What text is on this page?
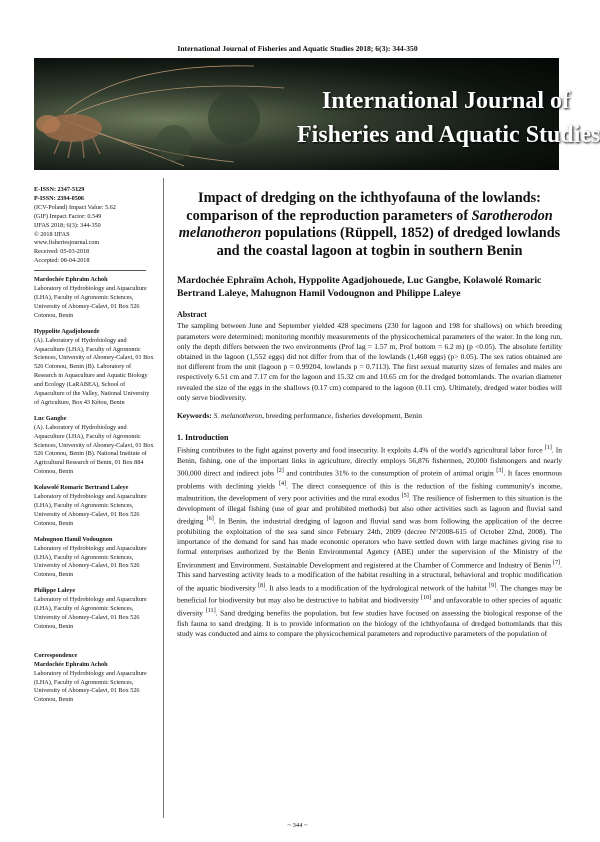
International Journal of Fisheries and Aquatic Studies 2018; 6(3): 344-350
International Journal of
Fisheries and Aquatic Studies
E-ISSN: 2347-5129
P-ISSN: 2394-0506
(ICV-Poland) Impact Value: 5.62
(GIF) Impact Factor: 0.549
IJFAS 2018; 6(3): 344-350
© 2018 IJFAS
www.fisheriesjournal.com
Received: 05-03-2018
Accepted: 08-04-2018
Mardochée Ephraïm Achoh
Laboratory of Hydrobiology and Aquaculture (LHA), Faculty of Agronomic Sciences, University of Abomey-Calavi, 01 Box 526 Cotonou, Benin
Hyppolite Agadjohouede
(A). Laboratory of Hydrobiology and Aquaculture (LHA), Faculty of Agronomic Sciences, University of Abomey-Calavi, 01 Box 526 Cotonou, Benin (B). Laboratory of Research in Aquaculture and Aquatic Biology and Ecology (LaRABEA), School of Aquaculture of the Valley, National University of Agriculture, Box 43 Kétou, Benin
Luc Gangbe
(A). Laboratory of Hydrobiology and Aquaculture (LHA), Faculty of Agronomic Sciences, University of Abomey-Calavi, 01 Box 526 Cotonou, Benin (B). National Institute of Agricultural Research of Benin, 01 Box 884 Cotonou, Benin
Kolawolé Romaric Bertrand Laleye
Laboratory of Hydrobiology and Aquaculture (LHA), Faculty of Agronomic Sciences, University of Abomey-Calavi, 01 Box 526 Cotonou, Benin
Mahugnon Hamil Vodougnon
Laboratory of Hydrobiology and Aquaculture (LHA), Faculty of Agronomic Sciences, University of Abomey-Calavi, 01 Box 526 Cotonou, Benin
Philippe Laleye
Laboratory of Hydrobiology and Aquaculture (LHA), Faculty of Agronomic Sciences, University of Abomey-Calavi, 01 Box 526 Cotonou, Benin
Correspondence
Mardochée Ephraïm Achoh
Laboratory of Hydrobiology and Aquaculture (LHA), Faculty of Agronomic Sciences, University of Abomey-Calavi, 01 Box 526 Cotonou, Benin
Impact of dredging on the ichthyofauna of the lowlands: comparison of the reproduction parameters of Sarotherodon melanotheron populations (Rüppell, 1852) of dredged lowlands and the coastal lagoon at togbin in southern Benin
Mardochée Ephraïm Achoh, Hyppolite Agadjohouede, Luc Gangbe, Kolawolé Romaric Bertrand Laleye, Mahugnon Hamil Vodougnon and Philippe Laleye
Abstract

The sampling between June and September yielded 428 specimens (230 for lagoon and 198 for shallows) on which breeding parameters were determined; monitoring monthly measurements of the physicochemical parameters of the water. In the long run, only the depth differs between the two environments (Prof lag = 1.57 m, Prof bottom = 6.2 m) (p <0.05). The absolute fertility obtained in the lagoon (1,552 eggs) did not differ from that of the lowlands (1,468 eggs) (p> 0.05). The sex ratios obtained are not different from the unit (lagoon p = 0.99204, lowlands p = 0.7113). The first sexual maturity sizes of females and males are respectively 6.51 cm and 7.17 cm for the lagoon and 15.32 cm and 10.65 cm for the dredged bottomlands. The ovarian diameter revealed the size of the eggs in the shallows (0.17 cm) compared to the lagoon (0.11 cm). Ultimately, dredged water bodies will only serve biodiversity.

Keywords: S. melanotheron, breeding performance, fisheries development, Benin
1. Introduction

Fishing contributes to the fight against poverty and food insecurity. It exploits 4.4% of the world's agricultural labor force [1]. In Benin, fishing, one of the important links in agriculture, directly employs 56,876 fishermen, 20,000 fishmongers and nearly 300,000 direct and indirect jobs [2] and contributes 31% to the consumption of protein of animal origin [3]. It faces enormous problems with declining yields [4]. The direct consequence of this is the reduction of the fishing community's income, malnutrition, the development of very poor activities and the rural exodus [5]. The resilience of fishermen to this situation is the development of illegal fishing (use of gear and prohibited methods) but also other activities such as lagoon and fluvial sand dredging [6]. In Benin, the industrial dredging of lagoon and fluvial sand was born following the application of the decree prohibiting the exploitation of the sea sand since February 24th, 2009 (decree N°2008-615 of October 22nd, 2008). The importance of the demand for sand has made economic operators who have settled down with large machines giving rise to formal enterprises authorized by the Benin Environmental Agency (ABE) under the supervision of the Ministry of the Environment and Environment. Sustainable Development and registered at the Chamber of Commerce and Industry of Benin [7]. This sand harvesting activity leads to a modification of the habitat resulting in a structural, behavioral and trophic modification of the aquatic biodiversity [8]. It also leads to a modification of the hydrological network of the habitat [9]. The changes may be beneficial for biodiversity but may also be destructive to habitat and biodiversity [10] and unfavorable to other species of aquatic diversity [11]. Sand dredging benefits the population, but few studies have focused on assessing the biological response of the fish fauna to sand dredging. It is to provide information on the biology of the ichthyofauna of dredged bottomlands that this study was conducted and aims to compare the physicochemical parameters and reproductive parameters of the population of

~ 344 ~
